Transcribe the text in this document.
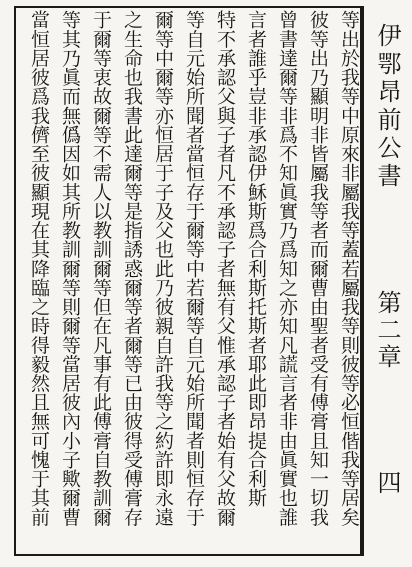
等出於我等中原來非屬我等蓋若屬我等則彼等必恒偕我等居矣
彼等出乃顯明非皆屬我等者而爾曹由聖者受有傅膏且知一切我
曾書達爾等非爲不知眞實乃爲知之亦知凡謊言者非由眞實也誰
言者誰乎豈非承認伊穌斯爲合利斯托斯者耶此即昂提合利斯
特不承認父與子者凡不承認子者無有父惟承認子者始有父故爾
等自元始所聞者當恒存于爾等中若爾等自元始所聞者則恒存于
爾等中爾等亦恒居于子及父也此乃彼親自許我等之約許即永遠
之生命也我書此達爾等是指誘惑爾等者爾等已由彼得受傅膏存
于爾等衷故爾等不需人以教訓爾等但在凡事有此傅膏自教訓爾
等其乃眞而無僞因如其所教訓爾等則爾等當居彼內小子歟爾曹
當恒居彼爲我儕至彼顯現在其降臨之時得毅然且無可愧于其前	伊鄂昂前公書
第二章
四
